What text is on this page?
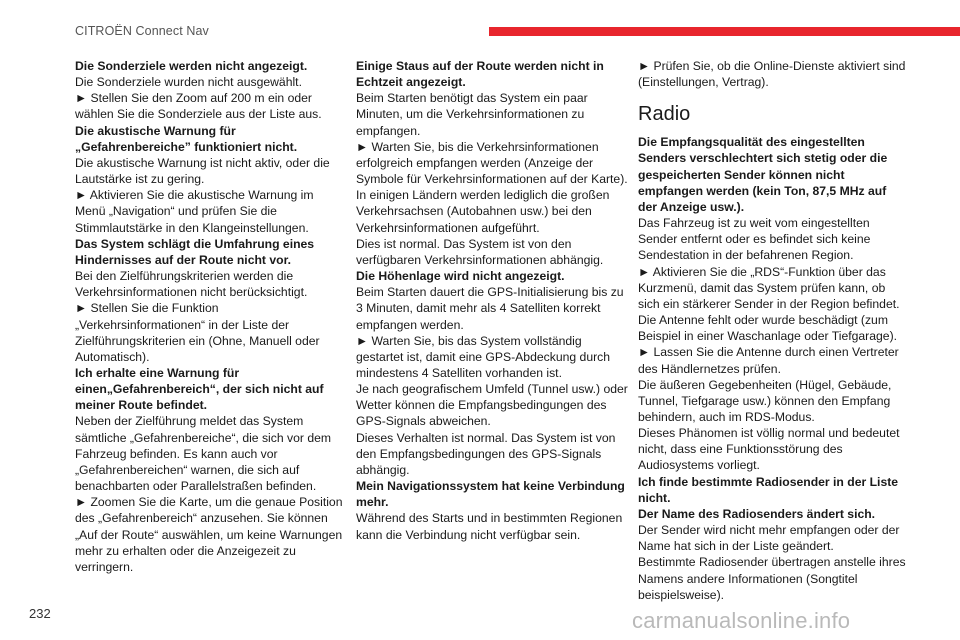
CITROËN Connect Nav

Die Sonderziele werden nicht angezeigt.

Die Sonderziele wurden nicht ausgewählt.

► Stellen Sie den Zoom auf 200 m ein oder wählen Sie die Sonderziele aus der Liste aus.

Die akustische Warnung für „Gefahrenbereiche” funktioniert nicht.

Die akustische Warnung ist nicht aktiv, oder die Lautstärke ist zu gering.

► Aktivieren Sie die akustische Warnung im Menü „Navigation“ und prüfen Sie die Stimmlautstärke in den Klangeinstellungen.

Das System schlägt die Umfahrung eines Hindernisses auf der Route nicht vor.

Bei den Zielführungskriterien werden die Verkehrsinformationen nicht berücksichtigt.

► Stellen Sie die Funktion „Verkehrsinformationen“ in der Liste der Zielführungskriterien ein (Ohne, Manuell oder Automatisch).

Ich erhalte eine Warnung für einen„Gefahrenbereich“, der sich nicht auf meiner Route befindet.

Neben der Zielführung meldet das System sämtliche „Gefahrenbereiche“, die sich vor dem Fahrzeug befinden. Es kann auch vor „Gefahrenbereichen“ warnen, die sich auf benachbarten oder Parallelstraßen befinden.

► Zoomen Sie die Karte, um die genaue Position des „Gefahrenbereich“ anzusehen. Sie können „Auf der Route“ auswählen, um keine Warnungen mehr zu erhalten oder die Anzeigezeit zu verringern.

Einige Staus auf der Route werden nicht in Echtzeit angezeigt.

Beim Starten benötigt das System ein paar Minuten, um die Verkehrsinformationen zu empfangen.

► Warten Sie, bis die Verkehrsinformationen erfolgreich empfangen werden (Anzeige der Symbole für Verkehrsinformationen auf der Karte).

In einigen Ländern werden lediglich die großen Verkehrsachsen (Autobahnen usw.) bei den Verkehrsinformationen aufgeführt.

Dies ist normal. Das System ist von den verfügbaren Verkehrsinformationen abhängig.

Die Höhenlage wird nicht angezeigt.

Beim Starten dauert die GPS-Initialisierung bis zu 3 Minuten, damit mehr als 4 Satelliten korrekt empfangen werden.

► Warten Sie, bis das System vollständig gestartet ist, damit eine GPS-Abdeckung durch mindestens 4 Satelliten vorhanden ist.

Je nach geografischem Umfeld (Tunnel usw.) oder Wetter können die Empfangsbedingungen des GPS-Signals abweichen.

Dieses Verhalten ist normal. Das System ist von den Empfangsbedingungen des GPS-Signals abhängig.

Mein Navigationssystem hat keine Verbindung mehr.

Während des Starts und in bestimmten Regionen kann die Verbindung nicht verfügbar sein.

► Prüfen Sie, ob die Online-Dienste aktiviert sind (Einstellungen, Vertrag).

Radio

Die Empfangsqualität des eingestellten Senders verschlechtert sich stetig oder die gespeicherten Sender können nicht empfangen werden (kein Ton, 87,5 MHz auf der Anzeige usw.).

Das Fahrzeug ist zu weit vom eingestellten Sender entfernt oder es befindet sich keine Sendestation in der befahrenen Region.

► Aktivieren Sie die „RDS“-Funktion über das Kurzmenü, damit das System prüfen kann, ob sich ein stärkerer Sender in der Region befindet.

Die Antenne fehlt oder wurde beschädigt (zum Beispiel in einer Waschanlage oder Tiefgarage).

► Lassen Sie die Antenne durch einen Vertreter des Händlernetzes prüfen.

Die äußeren Gegebenheiten (Hügel, Gebäude, Tunnel, Tiefgarage usw.) können den Empfang behindern, auch im RDS-Modus.

Dieses Phänomen ist völlig normal und bedeutet nicht, dass eine Funktionsstörung des Audiosystems vorliegt.

Ich finde bestimmte Radiosender in der Liste nicht.

Der Name des Radiosenders ändert sich.

Der Sender wird nicht mehr empfangen oder der Name hat sich in der Liste geändert.

Bestimmte Radiosender übertragen anstelle ihres Namens andere Informationen (Songtitel beispielsweise).

232	carmanualsonline.info
